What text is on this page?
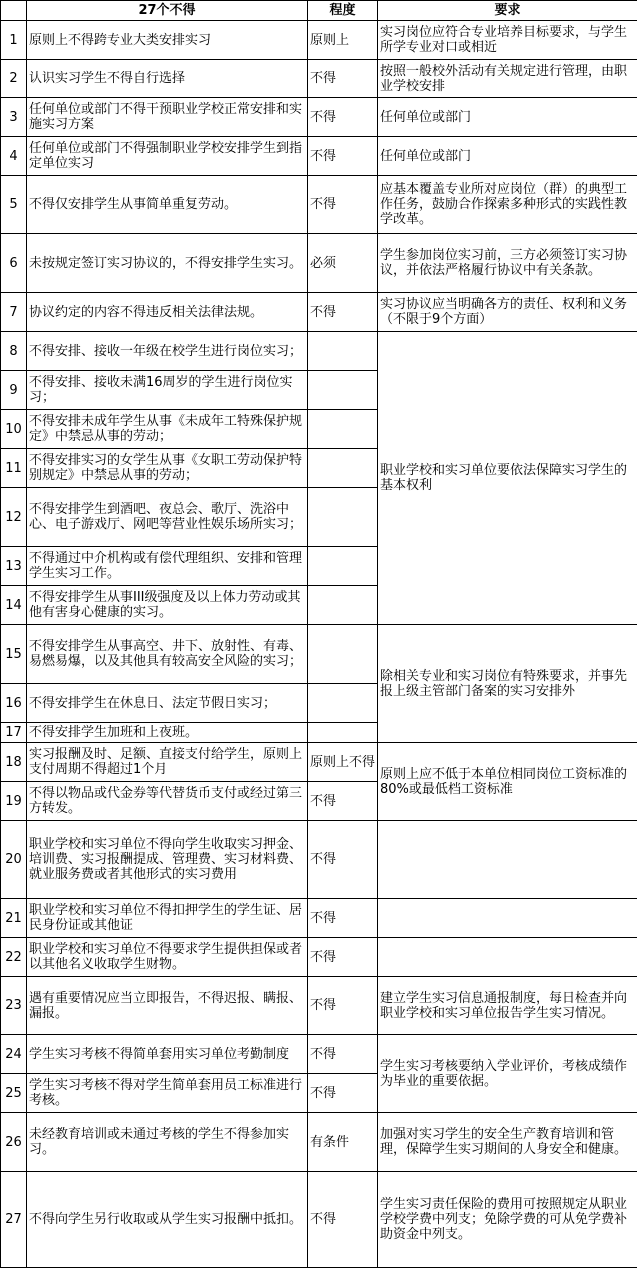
	27个不得	程度	要求
1	原则上不得跨专业大类安排实习	原则上	实习岗位应符合专业培养目标要求，与学生所学专业对口或相近
2	认识实习学生不得自行选择	不得	按照一般校外活动有关规定进行管理，由职业学校安排
3	任何单位或部门不得干预职业学校正常安排和实施实习方案	不得	任何单位或部门
4	任何单位或部门不得强制职业学校安排学生到指定单位实习	不得	任何单位或部门
5	不得仅安排学生从事简单重复劳动。	不得	应基本覆盖专业所对应岗位（群）的典型工作任务，鼓励合作探索多种形式的实践性教学改革。
6	未按规定签订实习协议的，不得安排学生实习。	必须	学生参加岗位实习前，三方必须签订实习协议，并依法严格履行协议中有关条款。
7	协议约定的内容不得违反相关法律法规。	不得	实习协议应当明确各方的责任、权利和义务（不限于9个方面）
8	不得安排、接收一年级在校学生进行岗位实习；		职业学校和实习单位要依法保障实习学生的基本权利
9	不得安排、接收未满16周岁的学生进行岗位实习；		
10	不得安排未成年学生从事《未成年工特殊保护规定》中禁忌从事的劳动；		
11	不得安排实习的女学生从事《女职工劳动保护特别规定》中禁忌从事的劳动；		
12	不得安排学生到酒吧、夜总会、歌厅、洗浴中心、电子游戏厅、网吧等营业性娱乐场所实习；		
13	不得通过中介机构或有偿代理组织、安排和管理学生实习工作。		
14	不得安排学生从事III级强度及以上体力劳动或其他有害身心健康的实习。		
15	不得安排学生从事高空、井下、放射性、有毒、易燃易爆，以及其他具有较高安全风险的实习；		除相关专业和实习岗位有特殊要求，并事先报上级主管部门备案的实习安排外
16	不得安排学生在休息日、法定节假日实习；		
17	不得安排学生加班和上夜班。		
18	实习报酬及时、足额、直接支付给学生，原则上支付周期不得超过1个月	原则上不得	原则上应不低于本单位相同岗位工资标准的80%或最低档工资标准
19	不得以物品或代金券等代替货币支付或经过第三方转发。	不得	
20	职业学校和实习单位不得向学生收取实习押金、培训费、实习报酬提成、管理费、实习材料费、就业服务费或者其他形式的实习费用	不得	
21	职业学校和实习单位不得扣押学生的学生证、居民身份证或其他证	不得	
22	职业学校和实习单位不得要求学生提供担保或者以其他名义收取学生财物。	不得	
23	遇有重要情况应当立即报告，不得迟报、瞒报、漏报。	不得	建立学生实习信息通报制度，每日检查并向职业学校和实习单位报告学生实习情况。
24	学生实习考核不得简单套用实习单位考勤制度	不得	学生实习考核要纳入学业评价，考核成绩作为毕业的重要依据。
25	学生实习考核不得对学生简单套用员工标准进行考核。	不得	
26	未经教育培训或未通过考核的学生不得参加实习。	有条件	加强对实习学生的安全生产教育培训和管理，保障学生实习期间的人身安全和健康。
27	不得向学生另行收取或从学生实习报酬中抵扣。	不得	学生实习责任保险的费用可按照规定从职业学校学费中列支；免除学费的可从免学费补助资金中列支。
